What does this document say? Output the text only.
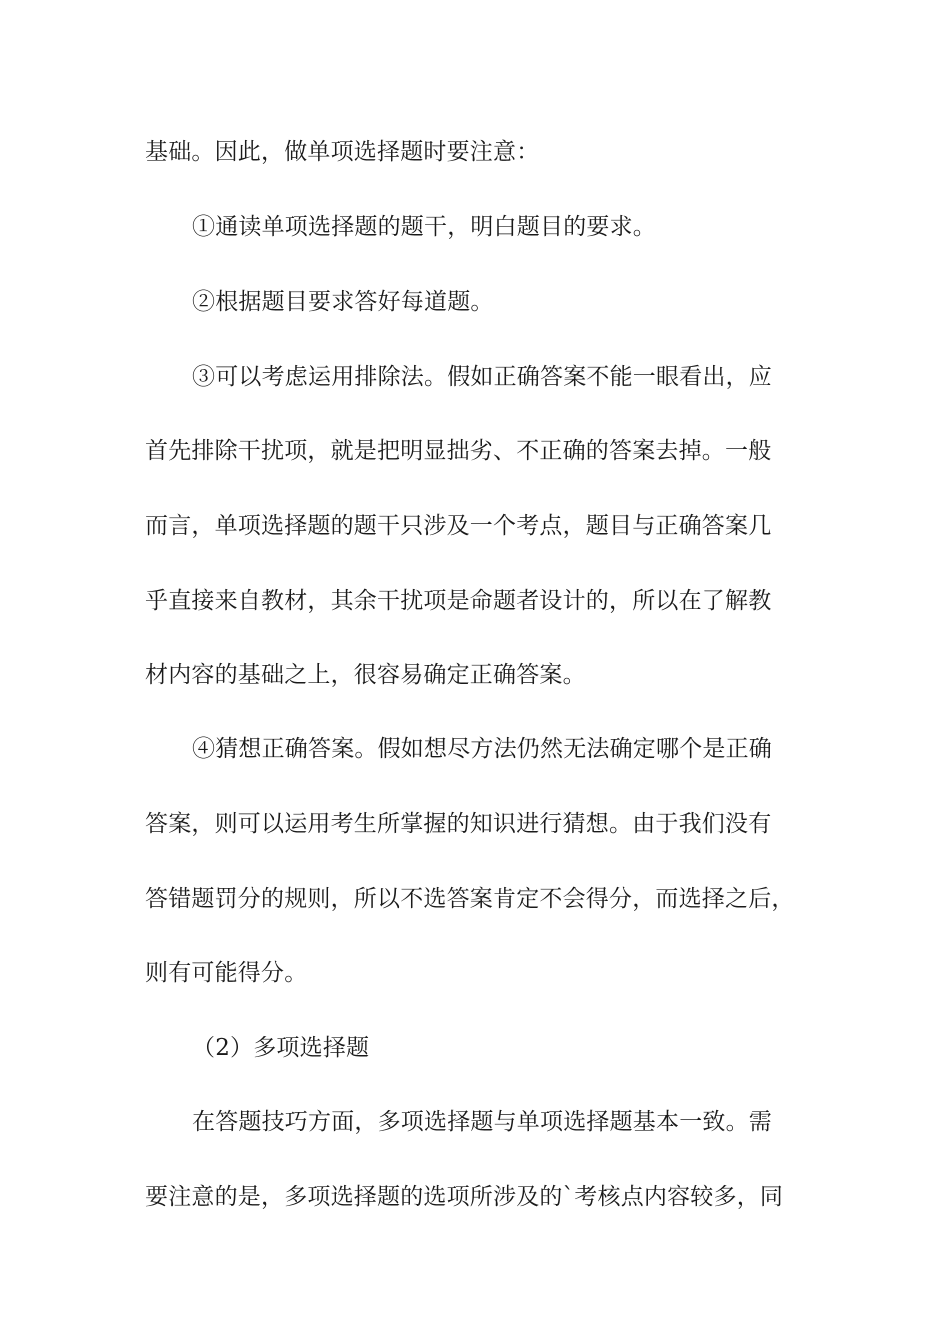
基础。因此，做单项选择题时要注意：
①通读单项选择题的题干，明白题目的要求。
②根据题目要求答好每道题。
③可以考虑运用排除法。假如正确答案不能一眼看出，应
首先排除干扰项，就是把明显拙劣、不正确的答案去掉。一般
而言，单项选择题的题干只涉及一个考点，题目与正确答案几
乎直接来自教材，其余干扰项是命题者设计的，所以在了解教
材内容的基础之上，很容易确定正确答案。
④猜想正确答案。假如想尽方法仍然无法确定哪个是正确
答案，则可以运用考生所掌握的知识进行猜想。由于我们没有
答错题罚分的规则，所以不选答案肯定不会得分，而选择之后，
则有可能得分。
（2）多项选择题
在答题技巧方面，多项选择题与单项选择题基本一致。需
要注意的是，多项选择题的选项所涉及的`考核点内容较多，同
